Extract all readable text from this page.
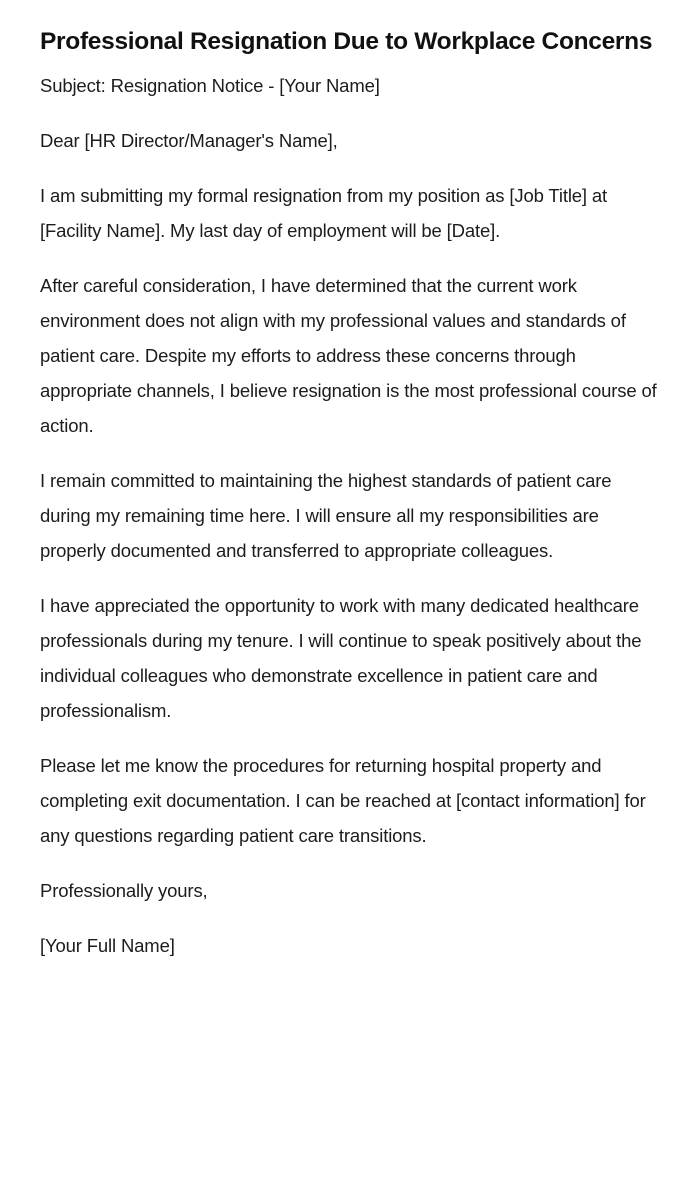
Professional Resignation Due to Workplace Concerns

Subject: Resignation Notice - [Your Name]

Dear [HR Director/Manager's Name],

I am submitting my formal resignation from my position as [Job Title] at [Facility Name]. My last day of employment will be [Date].

After careful consideration, I have determined that the current work environment does not align with my professional values and standards of patient care. Despite my efforts to address these concerns through appropriate channels, I believe resignation is the most professional course of action.

I remain committed to maintaining the highest standards of patient care during my remaining time here. I will ensure all my responsibilities are properly documented and transferred to appropriate colleagues.

I have appreciated the opportunity to work with many dedicated healthcare professionals during my tenure. I will continue to speak positively about the individual colleagues who demonstrate excellence in patient care and professionalism.

Please let me know the procedures for returning hospital property and completing exit documentation. I can be reached at [contact information] for any questions regarding patient care transitions.

Professionally yours,

[Your Full Name]
